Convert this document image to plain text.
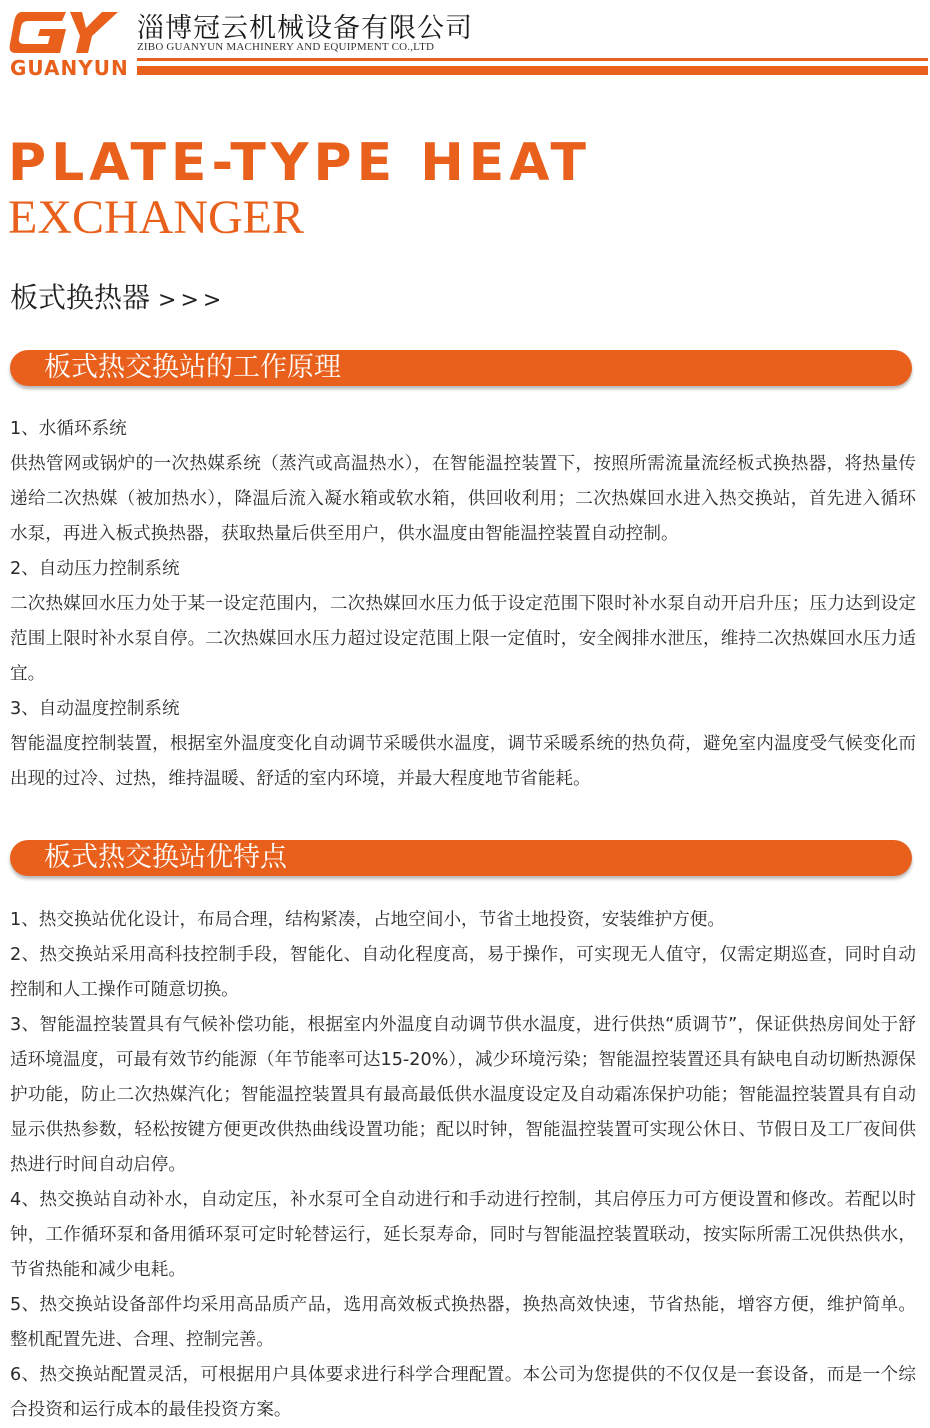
GUANYUN
淄博冠云机械设备有限公司
ZIBO GUANYUN MACHINERY AND EQUIPMENT CO.,LTD
PLATE-TYPE HEAT
EXCHANGER
板式换热器 >>>
板式热交换站的工作原理

1、水循环系统

供热管网或锅炉的一次热媒系统（蒸汽或高温热水），在智能温控装置下，按照所需流量流经板式换热器，将热量传递给二次热媒（被加热水），降温后流入凝水箱或软水箱，供回收利用；二次热媒回水进入热交换站，首先进入循环水泵，再进入板式换热器，获取热量后供至用户，供水温度由智能温控装置自动控制。

2、自动压力控制系统

二次热媒回水压力处于某一设定范围内，二次热媒回水压力低于设定范围下限时补水泵自动开启升压；压力达到设定范围上限时补水泵自停。二次热媒回水压力超过设定范围上限一定值时，安全阀排水泄压，维持二次热媒回水压力适宜。

3、自动温度控制系统

智能温度控制装置，根据室外温度变化自动调节采暖供水温度，调节采暖系统的热负荷，避免室内温度受气候变化而出现的过冷、过热，维持温暖、舒适的室内环境，并最大程度地节省能耗。

板式热交换站优特点

1、热交换站优化设计，布局合理，结构紧凑，占地空间小，节省土地投资，安装维护方便。

2、热交换站采用高科技控制手段，智能化、自动化程度高，易于操作，可实现无人值守，仅需定期巡查，同时自动控制和人工操作可随意切换。

3、智能温控装置具有气候补偿功能，根据室内外温度自动调节供水温度，进行供热“质调节”，保证供热房间处于舒适环境温度，可最有效节约能源（年节能率可达15-20%），减少环境污染；智能温控装置还具有缺电自动切断热源保护功能，防止二次热媒汽化；智能温控装置具有最高最低供水温度设定及自动霜冻保护功能；智能温控装置具有自动显示供热参数，轻松按键方便更改供热曲线设置功能；配以时钟，智能温控装置可实现公休日、节假日及工厂夜间供热进行时间自动启停。

4、热交换站自动补水，自动定压，补水泵可全自动进行和手动进行控制，其启停压力可方便设置和修改。若配以时钟，工作循环泵和备用循环泵可定时轮替运行，延长泵寿命，同时与智能温控装置联动，按实际所需工况供热供水，节省热能和减少电耗。

5、热交换站设备部件均采用高品质产品，选用高效板式换热器，换热高效快速，节省热能，增容方便，维护简单。整机配置先进、合理、控制完善。

6、热交换站配置灵活，可根据用户具体要求进行科学合理配置。本公司为您提供的不仅仅是一套设备，而是一个综合投资和运行成本的最佳投资方案。
